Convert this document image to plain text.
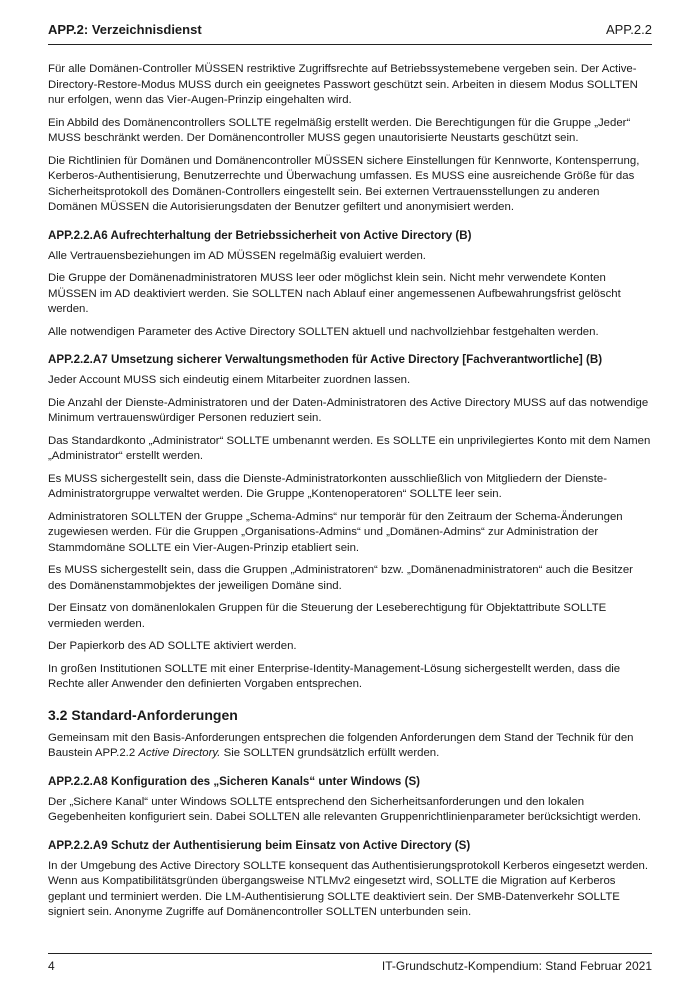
APP.2: Verzeichnisdienst	APP.2.2

Für alle Domänen-Controller MÜSSEN restriktive Zugriffsrechte auf Betriebssystemebene vergeben sein. Der Active-Directory-Restore-Modus MUSS durch ein geeignetes Passwort geschützt sein. Arbeiten in diesem Modus SOLLTEN nur erfolgen, wenn das Vier-Augen-Prinzip eingehalten wird.

Ein Abbild des Domänencontrollers SOLLTE regelmäßig erstellt werden. Die Berechtigungen für die Gruppe „Jeder“ MUSS beschränkt werden. Der Domänencontroller MUSS gegen unautorisierte Neustarts geschützt sein.

Die Richtlinien für Domänen und Domänencontroller MÜSSEN sichere Einstellungen für Kennworte, Kontensperrung, Kerberos-Authentisierung, Benutzerrechte und Überwachung umfassen. Es MUSS eine ausreichende Größe für das Sicherheitsprotokoll des Domänen-Controllers eingestellt sein. Bei externen Vertrauensstellungen zu anderen Domänen MÜSSEN die Autorisierungsdaten der Benutzer gefiltert und anonymisiert werden.

APP.2.2.A6 Aufrechterhaltung der Betriebssicherheit von Active Directory (B)

Alle Vertrauensbeziehungen im AD MÜSSEN regelmäßig evaluiert werden.

Die Gruppe der Domänenadministratoren MUSS leer oder möglichst klein sein. Nicht mehr verwendete Konten MÜSSEN im AD deaktiviert werden. Sie SOLLTEN nach Ablauf einer angemessenen Aufbewahrungsfrist gelöscht werden.

Alle notwendigen Parameter des Active Directory SOLLTEN aktuell und nachvollziehbar festgehalten werden.

APP.2.2.A7 Umsetzung sicherer Verwaltungsmethoden für Active Directory [Fachverantwortliche] (B)

Jeder Account MUSS sich eindeutig einem Mitarbeiter zuordnen lassen.

Die Anzahl der Dienste-Administratoren und der Daten-Administratoren des Active Directory MUSS auf das notwendige Minimum vertrauenswürdiger Personen reduziert sein.

Das Standardkonto „Administrator“ SOLLTE umbenannt werden. Es SOLLTE ein unprivilegiertes Konto mit dem Namen „Administrator“ erstellt werden.

Es MUSS sichergestellt sein, dass die Dienste-Administratorkonten ausschließlich von Mitgliedern der Dienste-Administratorgruppe verwaltet werden. Die Gruppe „Kontenoperatoren“ SOLLTE leer sein.

Administratoren SOLLTEN der Gruppe „Schema-Admins“ nur temporär für den Zeitraum der Schema-Änderungen zugewiesen werden. Für die Gruppen „Organisations-Admins“ und „Domänen-Admins“ zur Administration der Stammdomäne SOLLTE ein Vier-Augen-Prinzip etabliert sein.

Es MUSS sichergestellt sein, dass die Gruppen „Administratoren“ bzw. „Domänenadministratoren“ auch die Besitzer des Domänenstammobjektes der jeweiligen Domäne sind.

Der Einsatz von domänenlokalen Gruppen für die Steuerung der Leseberechtigung für Objektattribute SOLLTE vermieden werden.

Der Papierkorb des AD SOLLTE aktiviert werden.

In großen Institutionen SOLLTE mit einer Enterprise-Identity-Management-Lösung sichergestellt werden, dass die Rechte aller Anwender den definierten Vorgaben entsprechen.

3.2 Standard-Anforderungen

Gemeinsam mit den Basis-Anforderungen entsprechen die folgenden Anforderungen dem Stand der Technik für den Baustein APP.2.2 Active Directory. Sie SOLLTEN grundsätzlich erfüllt werden.

APP.2.2.A8 Konfiguration des „Sicheren Kanals“ unter Windows (S)

Der „Sichere Kanal“ unter Windows SOLLTE entsprechend den Sicherheitsanforderungen und den lokalen Gegebenheiten konfiguriert sein. Dabei SOLLTEN alle relevanten Gruppenrichtlinienparameter berücksichtigt werden.

APP.2.2.A9 Schutz der Authentisierung beim Einsatz von Active Directory (S)

In der Umgebung des Active Directory SOLLTE konsequent das Authentisierungsprotokoll Kerberos eingesetzt werden. Wenn aus Kompatibilitätsgründen übergangsweise NTLMv2 eingesetzt wird, SOLLTE die Migration auf Kerberos geplant und terminiert werden. Die LM-Authentisierung SOLLTE deaktiviert sein. Der SMB-Datenverkehr SOLLTE signiert sein. Anonyme Zugriffe auf Domänencontroller SOLLTEN unterbunden sein.

4	IT-Grundschutz-Kompendium: Stand Februar 2021
